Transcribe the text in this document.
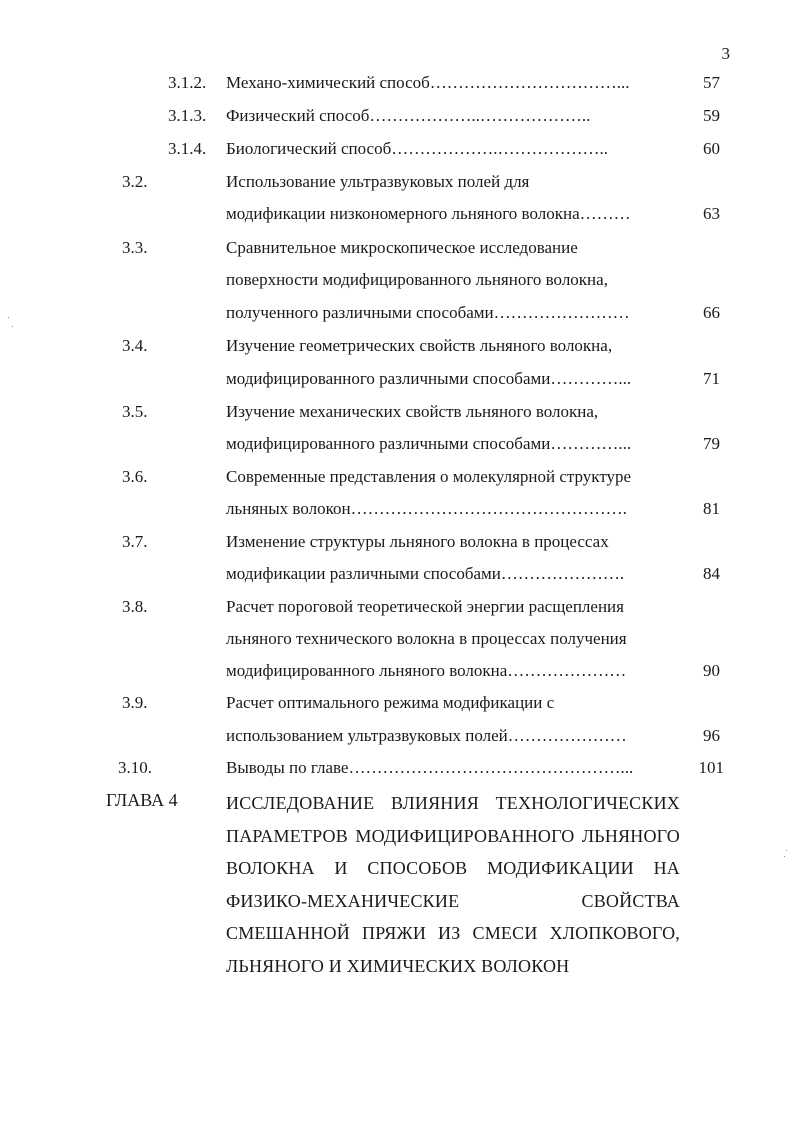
3
3.1.2. Механо-химический способ……………………………...	57
3.1.3. Физический способ………………..………………..	59
3.1.4. Биологический способ……………….………………..	60
3.2.	Использование ультразвуковых полей для
модификации низкономерного льняного волокна………	63
3.3.	Сравнительное микроскопическое исследование
поверхности модифицированного льняного волокна,
полученного различными способами……………………	66
3.4.	Изучение геометрических свойств льняного волокна,
модифицированного различными способами…………...	71
3.5.	Изучение механических свойств льняного волокна,
модифицированного различными способами…………...	79
3.6.	Современные представления о молекулярной структуре
льняных волокон………………………………………….	81
3.7.	Изменение структуры льняного волокна в процессах
модификации различными способами………………….	84
3.8.	Расчет пороговой теоретической энергии расщепления
льняного технического волокна в процессах получения
модифицированного льняного волокна…………………	90
3.9.	Расчет оптимального режима модификации с
использованием ультразвуковых полей…………………	96
3.10.	Выводы по главе…………………………………………...	101
ГЛАВА 4	ИССЛЕДОВАНИЕ ВЛИЯНИЯ ТЕХНОЛОГИЧЕСКИХ ПАРАМЕТРОВ МОДИФИЦИРОВАННОГО ЛЬНЯНОГО ВОЛОКНА И СПОСОБОВ МОДИФИКАЦИИ НА ФИЗИКО-МЕХАНИЧЕСКИЕ СВОЙСТВА СМЕШАННОЙ ПРЯЖИ ИЗ СМЕСИ ХЛОПКОВОГО, ЛЬНЯНОГО И ХИМИЧЕСКИХ ВОЛОКОН
